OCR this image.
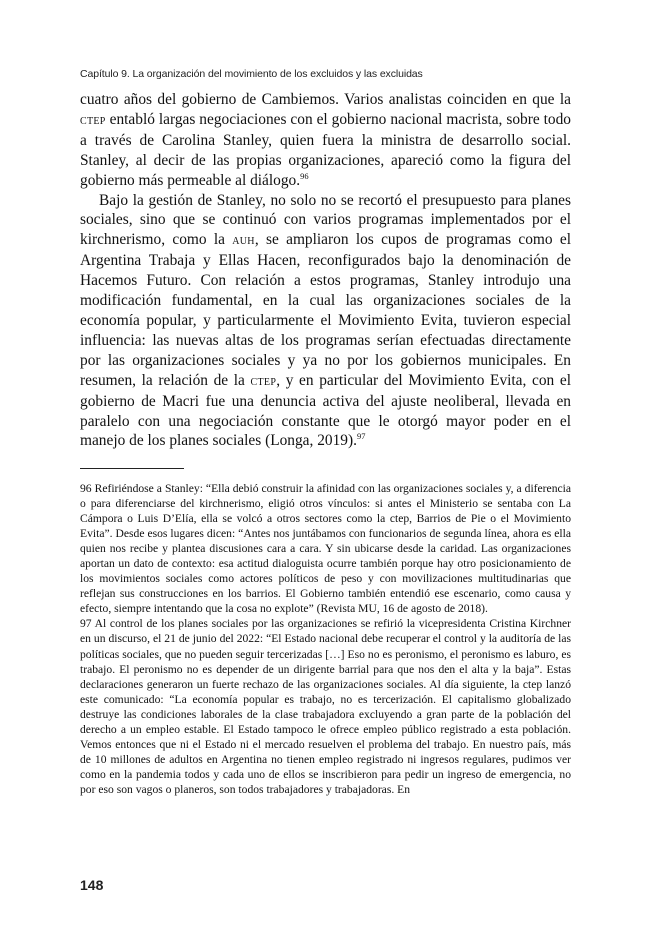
Capítulo 9. La organización del movimiento de los excluidos y las excluidas

cuatro años del gobierno de Cambiemos. Varios analistas coinciden en que la ctep entabló largas negociaciones con el gobierno nacional macrista, sobre todo a través de Carolina Stanley, quien fuera la ministra de desarrollo social. Stanley, al decir de las propias organizaciones, apareció como la figura del gobierno más permeable al diálogo.$^{96}$

Bajo la gestión de Stanley, no solo no se recortó el presupuesto para planes sociales, sino que se continuó con varios programas implementados por el kirchnerismo, como la auh, se ampliaron los cupos de programas como el Argentina Trabaja y Ellas Hacen, reconfigurados bajo la denominación de Hacemos Futuro. Con relación a estos programas, Stanley introdujo una modificación fundamental, en la cual las organizaciones sociales de la economía popular, y particularmente el Movimiento Evita, tuvieron especial influencia: las nuevas altas de los programas serían efectuadas directamente por las organizaciones sociales y ya no por los gobiernos municipales. En resumen, la relación de la ctep, y en particular del Movimiento Evita, con el gobierno de Macri fue una denuncia activa del ajuste neoliberal, llevada en paralelo con una negociación constante que le otorgó mayor poder en el manejo de los planes sociales (Longa, 2019).$^{97}$

96 Refiriéndose a Stanley: “Ella debió construir la afinidad con las organizaciones sociales y, a diferencia o para diferenciarse del kirchnerismo, eligió otros vínculos: si antes el Ministerio se sentaba con La Cámpora o Luis D’Elía, ella se volcó a otros sectores como la ctep, Barrios de Pie o el Movimiento Evita”. Desde esos lugares dicen: “Antes nos juntábamos con funcionarios de segunda línea, ahora es ella quien nos recibe y plantea discusiones cara a cara. Y sin ubicarse desde la caridad. Las organizaciones aportan un dato de contexto: esa actitud dialoguista ocurre también porque hay otro posicionamiento de los movimientos sociales como actores políticos de peso y con movilizaciones multitudinarias que reflejan sus construcciones en los barrios. El Gobierno también entendió ese escenario, como causa y efecto, siempre intentando que la cosa no explote” (Revista MU, 16 de agosto de 2018).

97 Al control de los planes sociales por las organizaciones se refirió la vicepresidenta Cristina Kirchner en un discurso, el 21 de junio del 2022: “El Estado nacional debe recuperar el control y la auditoría de las políticas sociales, que no pueden seguir tercerizadas […] Eso no es peronismo, el peronismo es laburo, es trabajo. El peronismo no es depender de un dirigente barrial para que nos den el alta y la baja”. Estas declaraciones generaron un fuerte rechazo de las organizaciones sociales. Al día siguiente, la ctep lanzó este comunicado: “La economía popular es trabajo, no es tercerización. El capitalismo globalizado destruye las condiciones laborales de la clase trabajadora excluyendo a gran parte de la población del derecho a un empleo estable. El Estado tampoco le ofrece empleo público registrado a esta población. Vemos entonces que ni el Estado ni el mercado resuelven el problema del trabajo. En nuestro país, más de 10 millones de adultos en Argentina no tienen empleo registrado ni ingresos regulares, pudimos ver como en la pandemia todos y cada uno de ellos se inscribieron para pedir un ingreso de emergencia, no por eso son vagos o planeros, son todos trabajadores y trabajadoras. En

148
